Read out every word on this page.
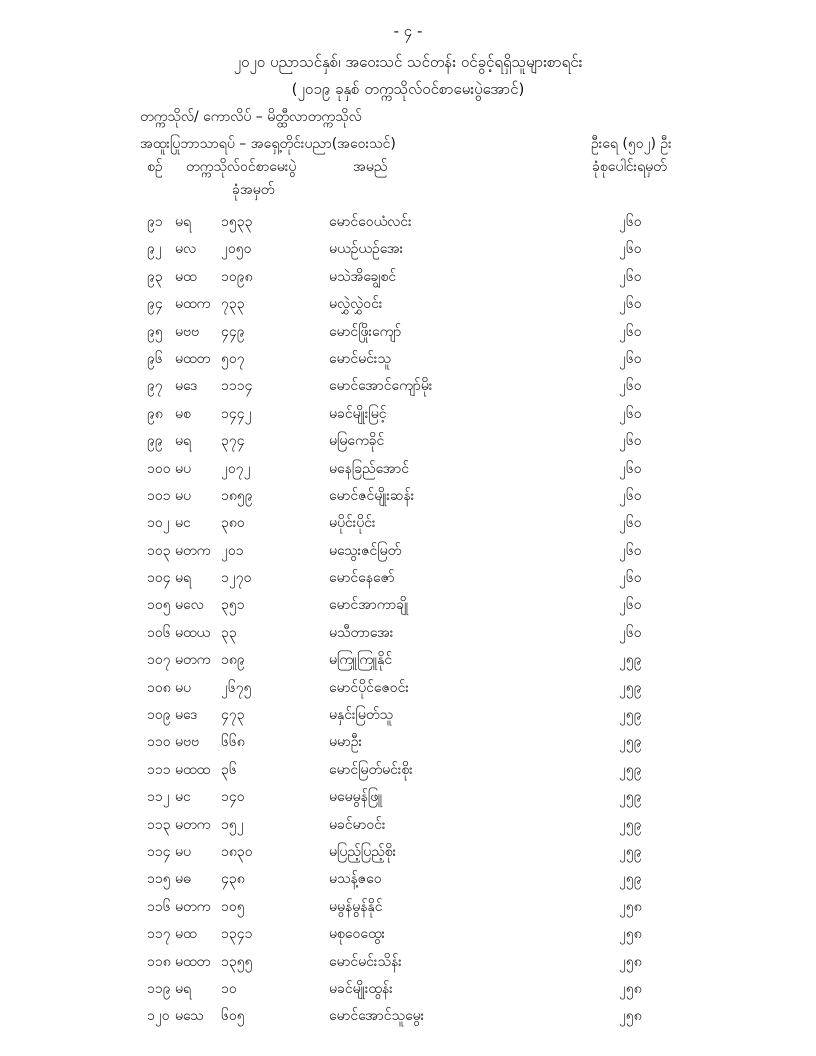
- ၄ -
၂၀၂၀ ပညာသင်နှစ်၊ အဝေးသင် သင်တန်း ဝင်ခွင့်ရရှိသူများစာရင်း
(၂၀၁၉ ခုနှစ် တက္ကသိုလ်ဝင်စာမေးပွဲအောင်)
တက္ကသိုလ်/ ကောလိပ် – မိတ္ထီလာတက္ကသိုလ်
အထူးပြုဘာသာရပ် – အရှေ့တိုင်းပညာ(အဝေးသင်)	ဦးရေ (၅၀၂) ဦး
စဉ် တက္ကသိုလ်ဝင်စာမေးပွဲ
ခုံအမှတ်
အမည်	ခုံစုပေါင်းရမှတ်
၉၁ မရ ၁၅၃၃	မောင်ဝေယံလင်း	၂၆၀
၉၂ မလ ၂၀၅၀	မယဉ်ယဉ်အေး	၂၆၀
၉၃ မထ ၁၀၉၈	မသဲအိချွေစင်	၂၆၀
၉၄ မထက ၇၃၃	မလွှဲလွှဲဝင်း	၂၆၀
၉၅ မဗဗ ၄၄၉	မောင်ဖြိုးကျော်	၂၆၀
၉၆ မထတ ၅၀၇	မောင်မင်းသူ	၂၆၀
၉၇ မဒေ ၁၁၁၄	မောင်အောင်ကျော်မိုး	၂၆၀
၉၈ မစ ၁၄၄၂	မခင်မျိုးမြင့်	၂၆၀
၉၉ မရ ၃၇၄	မမြကေခိုင်	၂၆၀
၁၀၀ မပ ၂၀၇၂	မနေခြည်အောင်	၂၆၀
၁၀၁ မပ ၁၈၅၉	မောင်ဇင်မျိုးဆန်း	၂၆၀
၁၀၂ မင ၃၈၀	မပိုင်းပိုင်း	၂၆၀
၁၀၃ မတက ၂၀၁	မသွေးဇင်မြတ်	၂၆၀
၁၀၄ မရ ၁၂၇၀	မောင်နေဇော်	၂၆၀
၁၀၅ မလေ ၃၅၁	မောင်အာကာချို	၂၆၀
၁၀၆ မထယ ၃၃	မသီတာအေး	၂၆၀
၁၀၇ မတက ၁၈၉	မကြူကြူနိုင်	၂၅၉
၁၀၈ မပ ၂၆၇၅	မောင်ပိုင်ဇေဝင်း	၂၅၉
၁၀၉ မဒေ ၄၇၃	မနှင်းမြတ်သူ	၂၅၉
၁၁၀ မဗဗ ၆၆၈	မမာဦး	၂၅၉
၁၁၁ မထထ ၃၆	မောင်မြတ်မင်းစိုး	၂၅၉
၁၁၂ မင ၁၄၀	မမေမွန်ဖြူ	၂၅၉
၁၁၃ မတက ၁၅၂	မခင်မာဝင်း	၂၅၉
၁၁၄ မပ ၁၈၃၀	မပြည့်ပြည့်စိုး	၂၅၉
၁၁၅ မဓ ၄၃၈	မသန့်ဇဝေ	၂၅၉
၁၁၆ မတက ၁၀၅	မမွန်မွန်နိုင်	၂၅၈
၁၁၇ မထ ၁၃၄၁	မစုဝေထွေး	၂၅၈
၁၁၈ မထတ ၁၃၅၅	မောင်မင်းသိန်း	၂၅၈
၁၁၉ မရ ၁၀	မခင်မျိုးထွန်း	၂၅၈
၁၂၀ မသေ ၆၀၅	မောင်အောင်သူမွေး	၂၅၈
